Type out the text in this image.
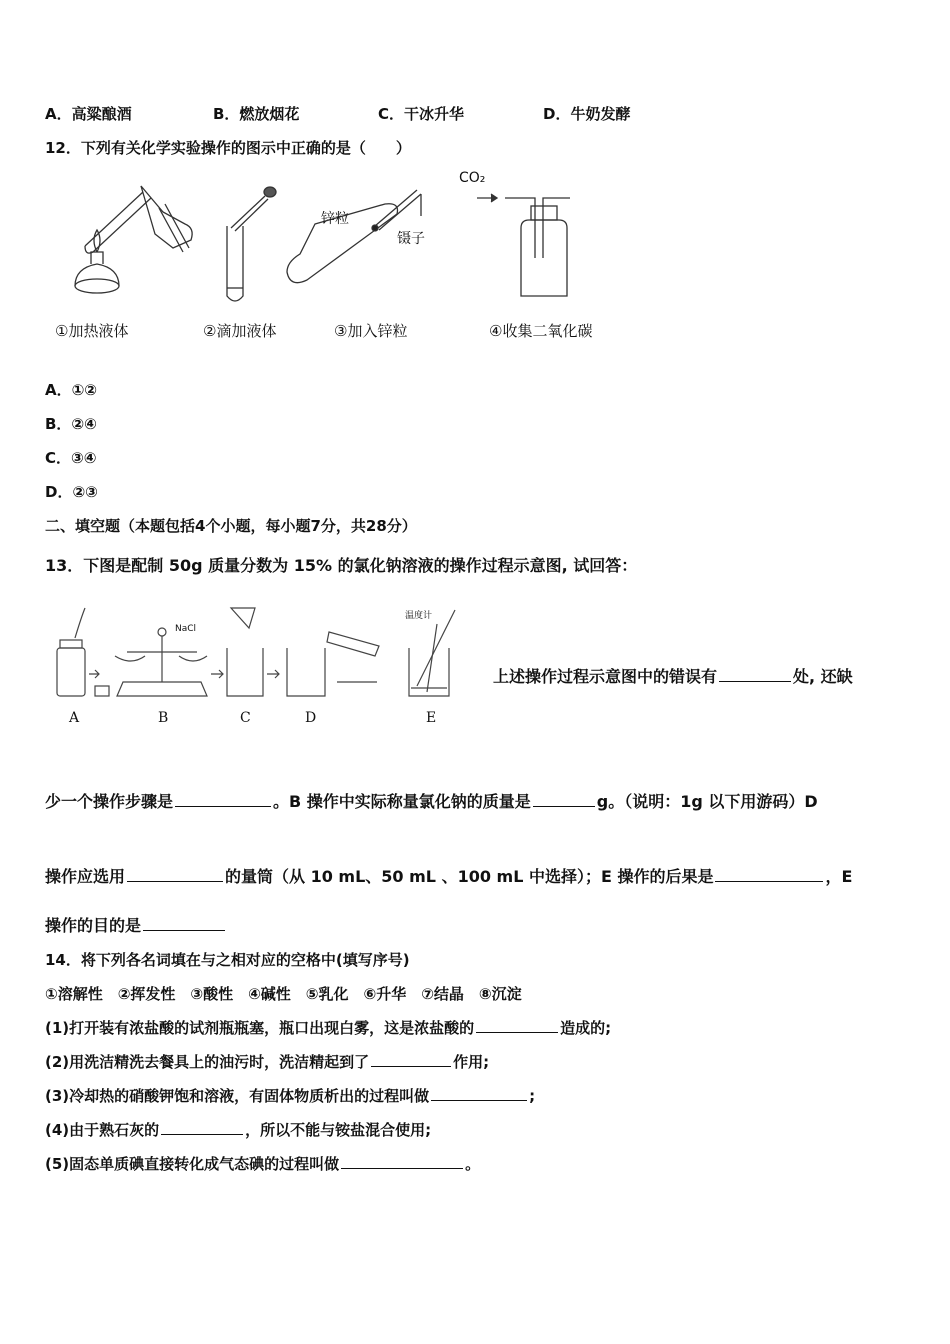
A．高粱酿酒	B．燃放烟花	C．干冰升华	D．牛奶发酵
12．下列有关化学实验操作的图示中正确的是（　　）
锌粒
镊子
CO₂
①加热液体	②滴加液体	③加入锌粒	④收集二氧化碳
A．①②
B．②④
C．③④
D．②③
二、填空题（本题包括4个小题，每小题7分，共28分）
13．下图是配制 50g 质量分数为 15% 的氯化钠溶液的操作过程示意图, 试回答：
NaCl
温度计
A	B	C	D	E
上述操作过程示意图中的错误有	处, 还缺
少一个操作步骤是	。B 操作中实际称量氯化钠的质量是	g。（说明：1g 以下用游码）D
操作应选用	的量筒（从 10 mL、50 mL 、100 mL 中选择）；E 操作的后果是	，E
操作的目的是
14．将下列各名词填在与之相对应的空格中(填写序号)
①溶解性　②挥发性　③酸性　④碱性　⑤乳化　⑥升华　⑦结晶　⑧沉淀
(1)打开装有浓盐酸的试剂瓶瓶塞，瓶口出现白雾，这是浓盐酸的	造成的;
(2)用洗洁精洗去餐具上的油污时，洗洁精起到了	作用;
(3)冷却热的硝酸钾饱和溶液，有固体物质析出的过程叫做	;
(4)由于熟石灰的	，所以不能与铵盐混合使用;
(5)固态单质碘直接转化成气态碘的过程叫做	。
